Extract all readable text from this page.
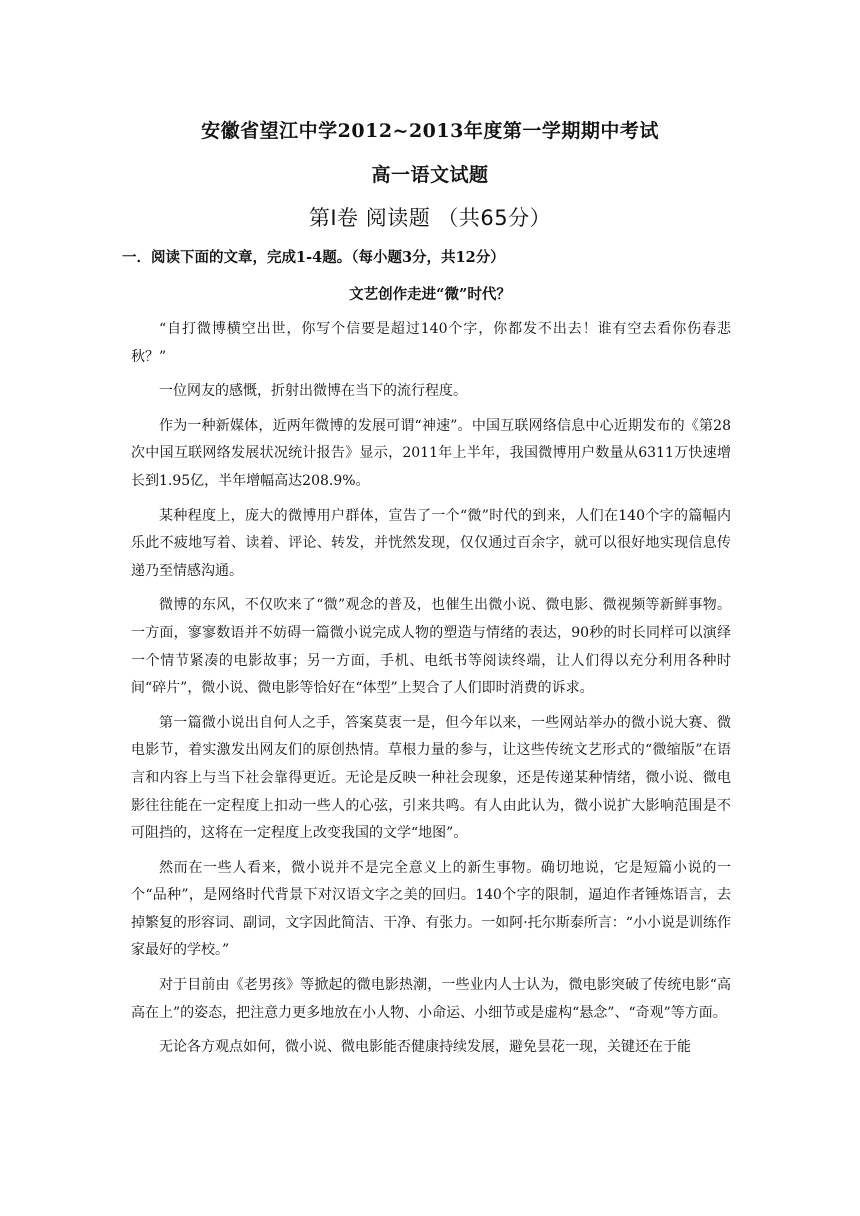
安徽省望江中学2012~2013年度第一学期期中考试
高一语文试题
第Ⅰ卷 阅读题 （共65分）
一．阅读下面的文章，完成1-4题。（每小题3分，共12分）
文艺创作走进“微”时代？

“自打微博横空出世，你写个信要是超过140个字，你都发不出去！谁有空去看你伤春悲秋？”

一位网友的感慨，折射出微博在当下的流行程度。

作为一种新媒体，近两年微博的发展可谓“神速”。中国互联网络信息中心近期发布的《第28次中国互联网络发展状况统计报告》显示，2011年上半年，我国微博用户数量从6311万快速增长到1.95亿，半年增幅高达208.9%。

某种程度上，庞大的微博用户群体，宣告了一个“微”时代的到来，人们在140个字的篇幅内乐此不疲地写着、读着、评论、转发，并恍然发现，仅仅通过百余字，就可以很好地实现信息传递乃至情感沟通。

微博的东风，不仅吹来了“微”观念的普及，也催生出微小说、微电影、微视频等新鲜事物。一方面，寥寥数语并不妨碍一篇微小说完成人物的塑造与情绪的表达，90秒的时长同样可以演绎一个情节紧凑的电影故事；另一方面，手机、电纸书等阅读终端，让人们得以充分利用各种时间“碎片”，微小说、微电影等恰好在“体型”上契合了人们即时消费的诉求。

第一篇微小说出自何人之手，答案莫衷一是，但今年以来，一些网站举办的微小说大赛、微电影节，着实激发出网友们的原创热情。草根力量的参与，让这些传统文艺形式的“微缩版”在语言和内容上与当下社会靠得更近。无论是反映一种社会现象，还是传递某种情绪，微小说、微电影往往能在一定程度上扣动一些人的心弦，引来共鸣。有人由此认为，微小说扩大影响范围是不可阻挡的，这将在一定程度上改变我国的文学“地图”。

然而在一些人看来，微小说并不是完全意义上的新生事物。确切地说，它是短篇小说的一个“品种”，是网络时代背景下对汉语文字之美的回归。140个字的限制，逼迫作者锤炼语言，去掉繁复的形容词、副词，文字因此简洁、干净、有张力。一如阿·托尔斯泰所言：“小小说是训练作家最好的学校。”

对于目前由《老男孩》等掀起的微电影热潮，一些业内人士认为，微电影突破了传统电影“高高在上”的姿态，把注意力更多地放在小人物、小命运、小细节或是虚构“悬念”、“奇观”等方面。

无论各方观点如何，微小说、微电影能否健康持续发展，避免昙花一现，关键还在于能
